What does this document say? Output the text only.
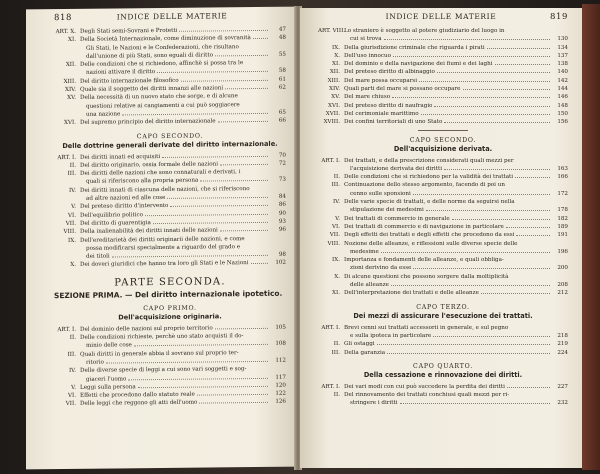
818	INDICE DELLE MATERIE
ART. X. Degli Stati semi-Sovrani e Protetti	47
XI. Della Società Internazionale, come diminuzione di sovranità	48
Gli Stati, le Nazioni e le Confederazioni, che risultano
dall'unione di più Stati, sono eguali di diritto	55
XII. Delle condizioni che si richiedono, affinchè si possa tra le
nazioni attivare il diritto	58
XIII. Del diritto internazionale filosofico	61
XIV. Quale sia il soggetto dei diritti innanzi alle nazioni	62
XV. Della necessità di un nuovo stato che sorge, e di alcune
questioni relative ai cangiamenti a cui può soggiacere
una nazione	65
XVI. Del supremo principio del diritto internazionale	66
CAPO SECONDO.
Delle dottrine generali derivate del diritto internazionale.
ART. I. Dei diritti innati ed acquisiti	70
II. Del diritto originario, ossia formale delle nazioni	72
III. Dei diritti delle nazioni che sono connaturali e derivati, i
quali si riferiscono alla propria persona	73
IV. Dei diritti innati di ciascuna delle nazioni, che si riferiscono
ad altre nazioni ed alle cose	84
V. Del preteso diritto d'intervento	86
VI. Dell'equilibrio politico	90
VII. Del diritto di guarentigia	93
VIII. Della inalienabilità dei diritti innati delle nazioni	96
IX. Dell'ereditarietà dei diritti originarii delle nazioni, e come
possa modificarsi specialmente a riguardo del grado e
dei titoli	98
X. Dei doveri giuridici che hanno tra loro gli Stati e le Nazioni	102
PARTE SECONDA.
SEZIONE PRIMA. — Del diritto internazionale ipotetico.
CAPO PRIMO.
Dell'acquisizione originaria.
ART. I. Del dominio delle nazioni sul proprio territorio	105
II. Delle condizioni richieste, perchè uno stato acquisti il do-
minio delle cose	108
III. Quali diritti in generale abbia il sovrano sul proprio ter-
ritorio	112
IV. Delle diverse specie di leggi a cui sono vari soggetti e sog-
giaceri l'uomo	117
V. Leggi sulla persona	120
VI. Effetti che procedono dallo statuto reale	122
VII. Delle leggi che reggono gli atti dell'uomo	126
INDICE DELLE MATERIE	819
ART. VIII.
Lo straniero è soggetto al potere giudiziario del luogo in
cui si trova	130
IX. Della giurisdizione criminale che riguarda i pirati	134
X. Dell'uso innocuo	137
XI. Del dominio e della navigazione dei fiumi e dei laghi	138
XII. Del preteso diritto di albinaggio	140
XIII. Del mare possa occuparsi	142
XIV. Quali parti del mare si possano occupare	144
XV. Del mare chiuso	146
XVI. Del preteso diritto di naufragio	148
XVII. Del cerimoniale marittimo	150
XVIII. Dei confini territoriali di uno Stato	156
CAPO SECONDO.
Dell'acquisizione derivata.
ART. I. Dei trattati, e della prescrizione considerati quali mezzi per
l'acquisizione derivata dei diritti	163
II. Delle condizioni che si richiedono per la validità dei trattati	166
III. Continuazione dello stesso argomento, facendo di poi un
cenno sulle sponsioni	172
IV. Delle varie specie di trattati, e delle norme da seguirsi nella
stipulazione dei medesimi	178
V. Dei trattati di commercio in generale	182
VI. Dei trattati di commercio e di navigazione in particolare	189
VII. Degli effetti dei trattati e degli effetti che procedono da essi	191
VIII. Nozione delle alleanze, e riflessioni sulle diverse specie delle
medesime	196
IX. Importanza e fondamenti delle alleanze, e quali obbliga-
zioni derivino da esse	200
X. Di alcune questioni che possono sorgere dalla moltiplicità
delle alleanze	208
XI. Dell'interpretazione dei trattati e delle alleanze	212
CAPO TERZO.
Dei mezzi di assicurare l'esecuzione dei trattati.
ART. I. Brevi cenni sui trattati accessorii in generale, e sul pegno
e sulla ipoteca in particolare	218
II. Gli ostaggi	219
III. Della garanzia	224
CAPO QUARTO.
Della cessazione e rinnovazione dei diritti.
ART. I. Dei vari modi con cui può succedere la perdita dei diritti	227
II. Del rinnovamento dei trattati conchiusi quali mezzi per ri-
stringere i diritti	232
